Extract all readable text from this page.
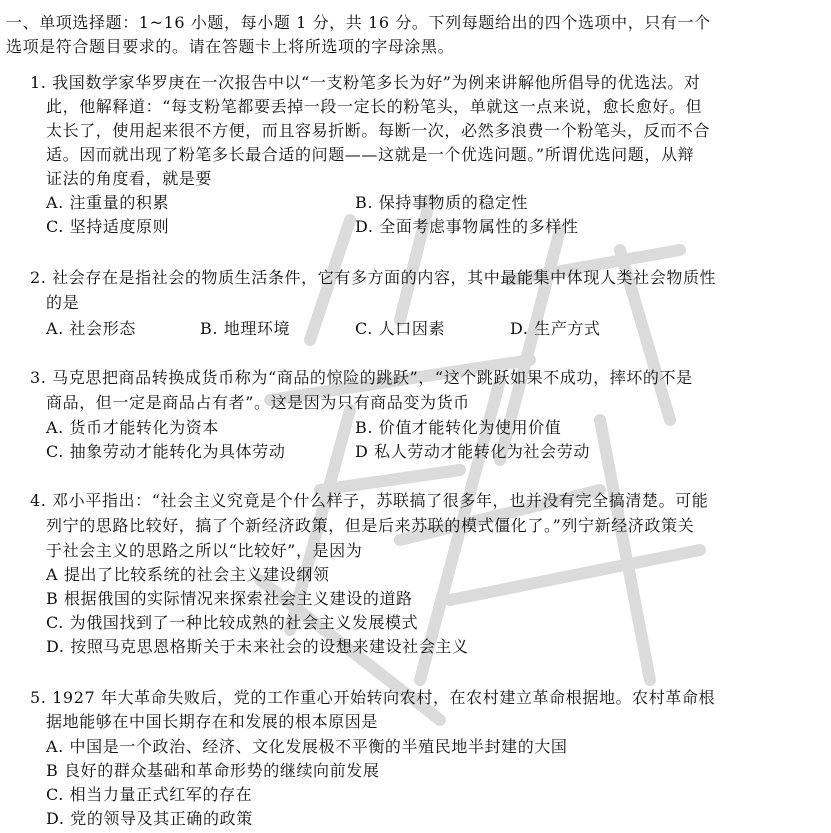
一、单项选择题：1~16 小题，每小题 1 分，共 16 分。下列每题给出的四个选项中，只有一个
选项是符合题目要求的。请在答题卡上将所选项的字母涂黑。
1. 我国数学家华罗庚在一次报告中以“一支粉笔多长为好”为例来讲解他所倡导的优选法。对
此，他解释道：“每支粉笔都要丢掉一段一定长的粉笔头，单就这一点来说，愈长愈好。但
太长了，使用起来很不方便，而且容易折断。每断一次，必然多浪费一个粉笔头，反而不合
适。因而就出现了粉笔多长最合适的问题——这就是一个优选问题。”所谓优选问题，从辩
证法的角度看，就是要
A. 注重量的积累	B. 保持事物质的稳定性
C. 坚持适度原则	D. 全面考虑事物属性的多样性
2. 社会存在是指社会的物质生活条件，它有多方面的内容，其中最能集中体现人类社会物质性
的是
A. 社会形态	B. 地理环境	C. 人口因素	D. 生产方式
3. 马克思把商品转换成货币称为“商品的惊险的跳跃”，“这个跳跃如果不成功，摔坏的不是
商品，但一定是商品占有者”。这是因为只有商品变为货币
A. 货币才能转化为资本	B. 价值才能转化为使用价值
C. 抽象劳动才能转化为具体劳动	D 私人劳动才能转化为社会劳动
4. 邓小平指出：“社会主义究竟是个什么样子，苏联搞了很多年，也并没有完全搞清楚。可能
列宁的思路比较好，搞了个新经济政策，但是后来苏联的模式僵化了。”列宁新经济政策关
于社会主义的思路之所以“比较好”，是因为
A 提出了比较系统的社会主义建设纲领
B 根据俄国的实际情况来探索社会主义建设的道路
C. 为俄国找到了一种比较成熟的社会主义发展模式
D. 按照马克思恩格斯关于未来社会的设想来建设社会主义
5. 1927 年大革命失败后，党的工作重心开始转向农村，在农村建立革命根据地。农村革命根
据地能够在中国长期存在和发展的根本原因是
A. 中国是一个政治、经济、文化发展极不平衡的半殖民地半封建的大国
B 良好的群众基础和革命形势的继续向前发展
C. 相当力量正式红军的存在
D. 党的领导及其正确的政策
